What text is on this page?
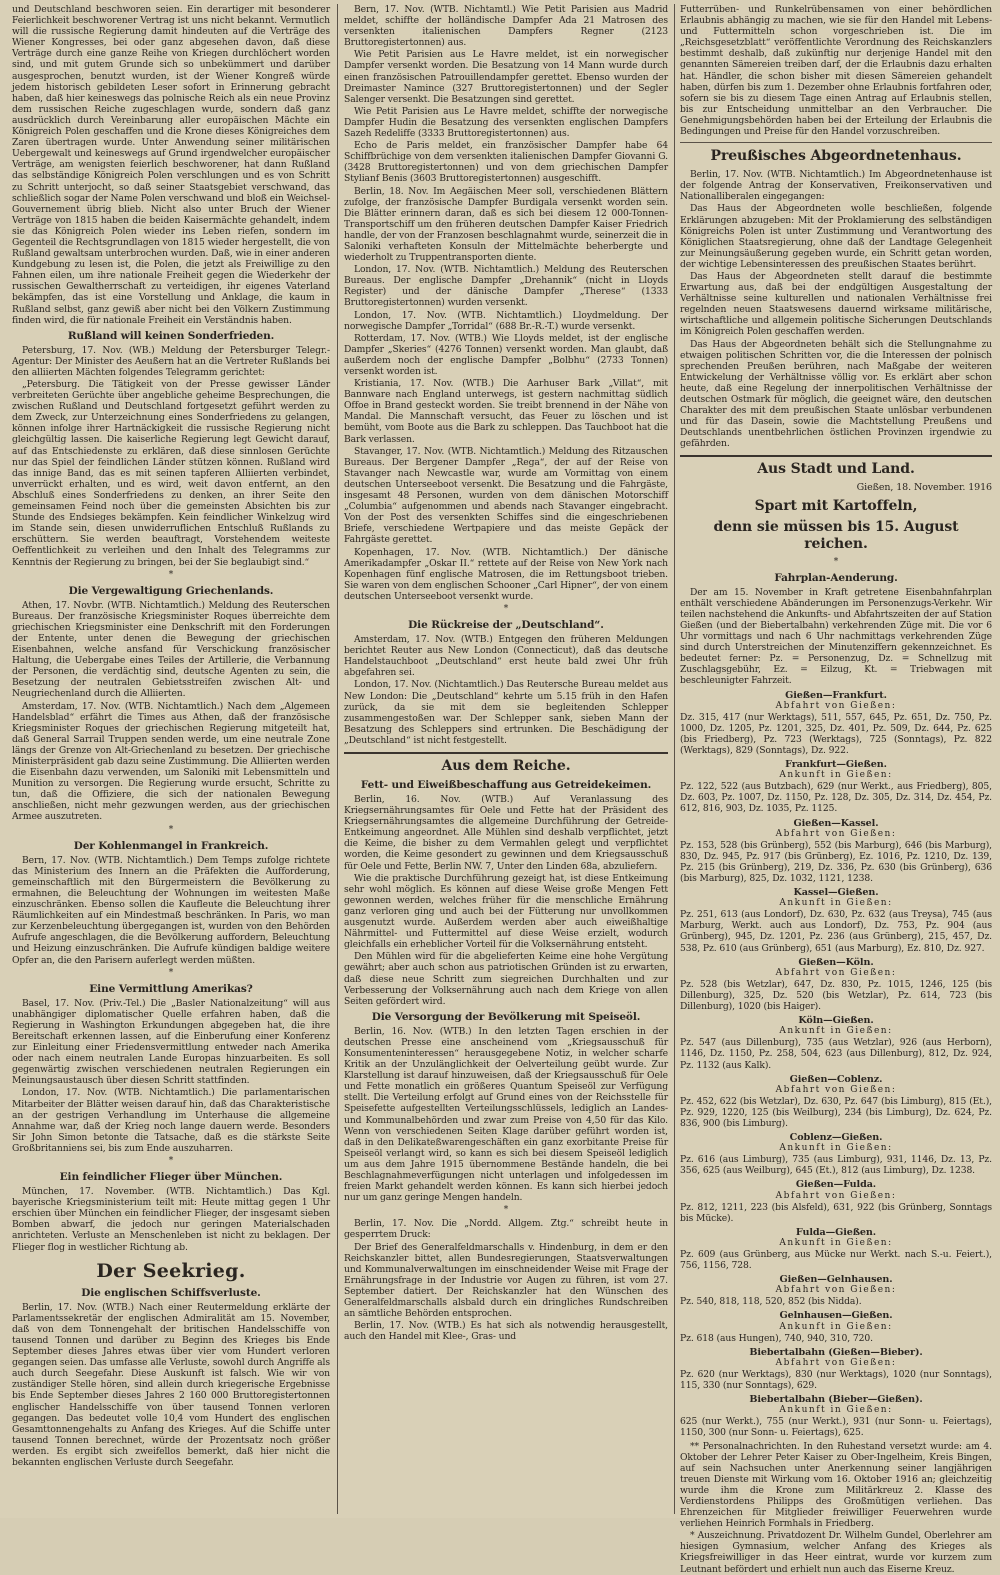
und Deutschland beschworen seien. Ein derartiger mit besonderer Feierlichkeit beschworener Vertrag ist uns nicht bekannt. Vermutlich will die russische Regierung damit hindeuten auf die Verträge des Wiener Kongresses, bei oder ganz abgesehen davon, daß diese Verträge durch eine ganze Reihe von Kriegen durchlöchert worden sind, und mit gutem Grunde sich so unbekümmert und darüber ausgesprochen, benutzt wurden, ist der Wiener Kongreß würde jedem historisch gebildeten Leser sofort in Erinnerung gebracht haben, daß hier keineswegs das polnische Reich als ein neue Provinz dem russischen Reiche zugeschlagen wurde, sondern daß ganz ausdrücklich durch Vereinbarung aller europäischen Mächte ein Königreich Polen geschaffen und die Krone dieses Königreiches dem Zaren übertragen wurde. Unter Anwendung seiner militärischen Uebergewalt und keineswegs auf Grund irgendwelcher europäischer Verträge, am wenigsten feierlich beschworener, hat dann Rußland das selbständige Königreich Polen verschlungen und es von Schritt zu Schritt unterjocht, so daß seiner Staatsgebiet verschwand, das schließlich sogar der Name Polen verschwand und bloß ein Weichsel-Gouvernement übrig blieb. Nicht also unter Bruch der Wiener Verträge von 1815 haben die beiden Kaisermächte gehandelt, indem sie das Königreich Polen wieder ins Leben riefen, sondern im Gegenteil die Rechtsgrundlagen von 1815 wieder hergestellt, die von Rußland gewaltsam unterbrochen wurden. Daß, wie in einer anderen Kundgebung zu lesen ist, die Polen, die jetzt als Freiwillige zu den Fahnen eilen, um ihre nationale Freiheit gegen die Wiederkehr der russischen Gewaltherrschaft zu verteidigen, ihr eigenes Vaterland bekämpfen, das ist eine Vorstellung und Anklage, die kaum in Rußland selbst, ganz gewiß aber nicht bei den Völkern Zustimmung finden wird, die für nationale Freiheit ein Verständnis haben.

Rußland will keinen Sonderfrieden.

Petersburg, 17. Nov. (WB.) Meldung der Petersburger Telegr.-Agentur: Der Minister des Aeußern hat an die Vertreter Rußlands bei den alliierten Mächten folgendes Telegramm gerichtet:

„Petersburg. Die Tätigkeit von der Presse gewisser Länder verbreiteten Gerüchte über angebliche geheime Besprechungen, die zwischen Rußland und Deutschland fortgesetzt geführt werden zu dem Zweck, zur Unterzeichnung eines Sonderfriedens zu gelangen, können infolge ihrer Hartnäckigkeit die russische Regierung nicht gleichgültig lassen. Die kaiserliche Regierung legt Gewicht darauf, auf das Entschiedenste zu erklären, daß diese sinnlosen Gerüchte nur das Spiel der feindlichen Länder stützen können. Rußland wird das innige Band, das es mit seinen tapferen Alliierten verbindet, unverrückt erhalten, und es wird, weit davon entfernt, an den Abschluß eines Sonderfriedens zu denken, an ihrer Seite den gemeinsamen Feind noch über die gemeinsten Absichten bis zur Stunde des Endsieges bekämpfen. Kein feindlicher Winkelzug wird im Stande sein, diesen unwiderruflichen Entschluß Rußlands zu erschüttern. Sie werden beauftragt, Vorstehendem weiteste Oeffentlichkeit zu verleihen und den Inhalt des Telegramms zur Kenntnis der Regierung zu bringen, bei der Sie beglaubigt sind.“

*
Die Vergewaltigung Griechenlands.

Athen, 17. Novbr. (WTB. Nichtamtlich.) Meldung des Reuterschen Bureaus. Der französische Kriegsminister Roques überreichte dem griechischen Kriegsminister eine Denkschrift mit den Forderungen der Entente, unter denen die Bewegung der griechischen Eisenbahnen, welche ansfand für Verschickung französischer Haltung, die Uebergabe eines Teiles der Artillerie, die Verbannung der Personen, die verdächtig sind, deutsche Agenten zu sein, die Besetzung der neutralen Gebietsstreifen zwischen Alt- und Neugriechenland durch die Alliierten.

Amsterdam, 17. Nov. (WTB. Nichtamtlich.) Nach dem „Algemeen Handelsblad“ erfährt die Times aus Athen, daß der französische Kriegsminister Roques der griechischen Regierung mitgeteilt hat, daß General Sarrail Truppen senden werde, um eine neutrale Zone längs der Grenze von Alt-Griechenland zu besetzen. Der griechische Ministerpräsident gab dazu seine Zustimmung. Die Alliierten werden die Eisenbahn dazu verwenden, um Saloniki mit Lebensmitteln und Munition zu versorgen. Die Regierung wurde ersucht, Schritte zu tun, daß die Offiziere, die sich der nationalen Bewegung anschließen, nicht mehr gezwungen werden, aus der griechischen Armee auszutreten.

*
Der Kohlenmangel in Frankreich.

Bern, 17. Nov. (WTB. Nichtamtlich.) Dem Temps zufolge richtete das Ministerium des Innern an die Präfekten die Aufforderung, gemeinschaftlich mit den Bürgermeistern die Bevölkerung zu ermahnen, die Beleuchtung der Wohnungen im weitesten Maße einzuschränken. Ebenso sollen die Kaufleute die Beleuchtung ihrer Räumlichkeiten auf ein Mindestmaß beschränken. In Paris, wo man zur Kerzenbeleuchtung übergegangen ist, wurden von den Behörden Aufrufe angeschlagen, die die Bevölkerung auffordern, Beleuchtung und Heizung einzuschränken. Die Aufrufe kündigen baldige weitere Opfer an, die den Parisern auferlegt werden müßten.

*
Eine Vermittlung Amerikas?

Basel, 17. Nov. (Priv.-Tel.) Die „Basler Nationalzeitung“ will aus unabhängiger diplomatischer Quelle erfahren haben, daß die Regierung in Washington Erkundungen abgegeben hat, die ihre Bereitschaft erkennen lassen, auf die Einberufung einer Konferenz zur Einleitung einer Friedensvermittlung entweder nach Amerika oder nach einem neutralen Lande Europas hinzuarbeiten. Es soll gegenwärtig zwischen verschiedenen neutralen Regierungen ein Meinungsaustausch über diesen Schritt stattfinden.

London, 17. Nov. (WTB. Nichtamtlich.) Die parlamentarischen Mitarbeiter der Blätter weisen darauf hin, daß das Charakteristische an der gestrigen Verhandlung im Unterhause die allgemeine Annahme war, daß der Krieg noch lange dauern werde. Besonders Sir John Simon betonte die Tatsache, daß es die stärkste Seite Großbritanniens sei, bis zum Ende auszuharren.

*
Ein feindlicher Flieger über München.

München, 17. November. (WTB. Nichtamtlich.) Das Kgl. bayerische Kriegsministerium teilt mit: Heute mittag gegen 1 Uhr erschien über München ein feindlicher Flieger, der insgesamt sieben Bomben abwarf, die jedoch nur geringen Materialschaden anrichteten. Verluste an Menschenleben ist nicht zu beklagen. Der Flieger flog in westlicher Richtung ab.

Der Seekrieg.
Die englischen Schiffsverluste.

Berlin, 17. Nov. (WTB.) Nach einer Reutermeldung erklärte der Parlamentssekretär der englischen Admiralität am 15. November, daß von dem Tonnengehalt der britischen Handelsschiffe von tausend Tonnen und darüber zu Beginn des Krieges bis Ende September dieses Jahres etwas über vier vom Hundert verloren gegangen seien. Das umfasse alle Verluste, sowohl durch Angriffe als auch durch Seegefahr. Diese Auskunft ist falsch. Wie wir von zuständiger Stelle hören, sind allein durch kriegerische Ergebnisse bis Ende September dieses Jahres 2 160 000 Bruttoregistertonnen englischer Handelsschiffe von über tausend Tonnen verloren gegangen. Das bedeutet volle 10,4 vom Hundert des englischen Gesamttonnengehalts zu Anfang des Krieges. Auf die Schiffe unter tausend Tonnen berechnet, würde der Prozentsatz noch größer werden. Es ergibt sich zweifellos bemerkt, daß hier nicht die bekannten englischen Verluste durch Seegefahr.

Bern, 17. Nov. (WTB. Nichtamtl.) Wie Petit Parisien aus Madrid meldet, schiffte der holländische Dampfer Ada 21 Matrosen des versenkten italienischen Dampfers Regner (2123 Bruttoregistertonnen) aus.

Wie Petit Parisien aus Le Havre meldet, ist ein norwegischer Dampfer versenkt worden. Die Besatzung von 14 Mann wurde durch einen französischen Patrouillendampfer gerettet. Ebenso wurden der Dreimaster Namince (327 Bruttoregistertonnen) und der Segler Salenger versenkt. Die Besatzungen sind gerettet.

Wie Petit Parisien aus Le Havre meldet, schiffte der norwegische Dampfer Hudin die Besatzung des versenkten englischen Dampfers Sazeh Redeliffe (3333 Bruttoregistertonnen) aus.

Echo de Paris meldet, ein französischer Dampfer habe 64 Schiffbrüchige von dem versenkten italienischen Dampfer Giovanni G. (3428 Bruttoregistertonnen) und von dem griechischen Dampfer Stylianf Benis (3603 Bruttoregistertonnen) ausgeschifft.

Berlin, 18. Nov. Im Aegäischen Meer soll, verschiedenen Blättern zufolge, der französische Dampfer Burdigala versenkt worden sein. Die Blätter erinnern daran, daß es sich bei diesem 12 000-Tonnen-Transportschiff um den früheren deutschen Dampfer Kaiser Friedrich handle, der von der Franzosen beschlagnahmt wurde, seinerzeit die in Saloniki verhafteten Konsuln der Mittelmächte beherbergte und wiederholt zu Truppentransporten diente.

London, 17. Nov. (WTB. Nichtamtlich.) Meldung des Reuterschen Bureaus. Der englische Dampfer „Drehannik“ (nicht in Lloyds Register) und der dänische Dampfer „Therese“ (1333 Bruttoregistertonnen) wurden versenkt.

London, 17. Nov. (WTB. Nichtamtlich.) Lloydmeldung. Der norwegische Dampfer „Torridal“ (688 Br.-R.-T.) wurde versenkt.

Rotterdam, 17. Nov. (WTB.) Wie Lloyds meldet, ist der englische Dampfer „Skeries“ (4276 Tonnen) versenkt worden. Man glaubt, daß außerdem noch der englische Dampfer „Bolbhu“ (2733 Tonnen) versenkt worden ist.

Kristiania, 17. Nov. (WTB.) Die Aarhuser Bark „Villat“, mit Bannware nach England unterwegs, ist gestern nachmittag südlich Offoe in Brand gesteckt worden. Sie treibt brennend in der Nähe von Mandal. Die Mannschaft versucht, das Feuer zu löschen und ist bemüht, vom Boote aus die Bark zu schleppen. Das Tauchboot hat die Bark verlassen.

Stavanger, 17. Nov. (WTB. Nichtamtlich.) Meldung des Ritzauschen Bureaus. Der Bergener Dampfer „Rega“, der auf der Reise von Stavanger nach Newcastle war, wurde am Vormittag von einem deutschen Unterseeboot versenkt. Die Besatzung und die Fahrgäste, insgesamt 48 Personen, wurden von dem dänischen Motorschiff „Columbia“ aufgenommen und abends nach Stavanger eingebracht. Von der Post des versenkten Schiffes sind die eingeschriebenen Briefe, verschiedene Wertpapiere und das meiste Gepäck der Fahrgäste gerettet.

Kopenhagen, 17. Nov. (WTB. Nichtamtlich.) Der dänische Amerikadampfer „Oskar II.“ rettete auf der Reise von New York nach Kopenhagen fünf englische Matrosen, die im Rettungsboot trieben. Sie waren von dem englischen Schooner „Carl Hipner“, der von einem deutschen Unterseeboot versenkt wurde.

*
Die Rückreise der „Deutschland“.

Amsterdam, 17. Nov. (WTB.) Entgegen den früheren Meldungen berichtet Reuter aus New London (Connecticut), daß das deutsche Handelstauchboot „Deutschland“ erst heute bald zwei Uhr früh abgefahren sei.

London, 17. Nov. (Nichtamtlich.) Das Reutersche Bureau meldet aus New London: Die „Deutschland“ kehrte um 5.15 früh in den Hafen zurück, da sie mit dem sie begleitenden Schlepper zusammengestoßen war. Der Schlepper sank, sieben Mann der Besatzung des Schleppers sind ertrunken. Die Beschädigung der „Deutschland“ ist nicht festgestellt.

Aus dem Reiche.
Fett- und Eiweißbeschaffung aus Getreidekeimen.

Berlin, 16. Nov. (WTB.) Auf Veranlassung des Kriegsernährungsamtes für Oele und Fette hat der Präsident des Kriegsernährungsamtes die allgemeine Durchführung der Getreide-Entkeimung angeordnet. Alle Mühlen sind deshalb verpflichtet, jetzt die Keime, die bisher zu dem Vermahlen gelegt und verpflichtet worden, die Keime gesondert zu gewinnen und dem Kriegsausschuß für Oele und Fette, Berlin NW. 7, Unter den Linden 68a, abzuliefern.

Wie die praktische Durchführung gezeigt hat, ist diese Entkeimung sehr wohl möglich. Es können auf diese Weise große Mengen Fett gewonnen werden, welches früher für die menschliche Ernährung ganz verloren ging und auch bei der Fütterung nur unvollkommen ausgenutzt wurde. Außerdem werden aber auch eiweißhaltige Nährmittel- und Futtermittel auf diese Weise erzielt, wodurch gleichfalls ein erheblicher Vorteil für die Volksernährung entsteht.

Den Mühlen wird für die abgelieferten Keime eine hohe Vergütung gewährt; aber auch schon aus patriotischen Gründen ist zu erwarten, daß diese neue Schritt zum siegreichen Durchhalten und zur Verbesserung der Volksernährung auch nach dem Kriege von allen Seiten gefördert wird.

Die Versorgung der Bevölkerung mit Speiseöl.

Berlin, 16. Nov. (WTB.) In den letzten Tagen erschien in der deutschen Presse eine anscheinend vom „Kriegsausschuß für Konsumenteninteressen“ herausgegebene Notiz, in welcher scharfe Kritik an der Unzulänglichkeit der Oelverteilung geübt wurde. Zur Klarstellung ist darauf hinzuweisen, daß der Kriegsausschuß für Oele und Fette monatlich ein größeres Quantum Speiseöl zur Verfügung stellt. Die Verteilung erfolgt auf Grund eines von der Reichsstelle für Speisefette aufgestellten Verteilungsschlüssels, lediglich an Landes- und Kommunalbehörden und zwar zum Preise von 4,50 für das Kilo. Wenn von verschiedenen Seiten Klage darüber geführt worden ist, daß in den Delikateßwarengeschäften ein ganz exorbitante Preise für Speiseöl verlangt wird, so kann es sich bei diesem Speiseöl lediglich um aus dem Jahre 1915 übernommene Bestände handeln, die bei Beschlagnahmeverfügungen nicht unterlagen und infolgedessen im freien Markt gehandelt werden können. Es kann sich hierbei jedoch nur um ganz geringe Mengen handeln.

*

Berlin, 17. Nov. Die „Nordd. Allgem. Ztg.“ schreibt heute in gesperrtem Druck:

Der Brief des Generalfeldmarschalls v. Hindenburg, in dem er den Reichskanzler bittet, allen Bundesregierungen, Staatsverwaltungen und Kommunalverwaltungen im einschneidender Weise mit Frage der Ernährungsfrage in der Industrie vor Augen zu führen, ist vom 27. September datiert. Der Reichskanzler hat den Wünschen des Generalfeldmarschalls alsbald durch ein dringliches Rundschreiben an sämtliche Behörden entsprochen.

Berlin, 17. Nov. (WTB.) Es hat sich als notwendig herausgestellt, auch den Handel mit Klee-, Gras- und

Futterrüben- und Runkelrübensamen von einer behördlichen Erlaubnis abhängig zu machen, wie sie für den Handel mit Lebens- und Futtermitteln schon vorgeschrieben ist. Die im „Reichsgesetzblatt“ veröffentlichte Verordnung des Reichskanzlers bestimmt deshalb, daß zukünftig nur derjenige Handel mit den genannten Sämereien treiben darf, der die Erlaubnis dazu erhalten hat. Händler, die schon bisher mit diesen Sämereien gehandelt haben, dürfen bis zum 1. Dezember ohne Erlaubnis fortfahren oder, sofern sie bis zu diesem Tage einen Antrag auf Erlaubnis stellen, bis zur Entscheidung unmittelbar an den Verbraucher. Die Genehmigungsbehörden haben bei der Erteilung der Erlaubnis die Bedingungen und Preise für den Handel vorzuschreiben.

Preußisches Abgeordnetenhaus.

Berlin, 17. Nov. (WTB. Nichtamtlich.) Im Abgeordnetenhause ist der folgende Antrag der Konservativen, Freikonservativen und Nationalliberalen eingegangen:

Das Haus der Abgeordneten wolle beschließen, folgende Erklärungen abzugeben: Mit der Proklamierung des selbständigen Königreichs Polen ist unter Zustimmung und Verantwortung des Königlichen Staatsregierung, ohne daß der Landtage Gelegenheit zur Meinungsäußerung gegeben wurde, ein Schritt getan worden, der wichtige Lebensinteressen des preußischen Staates berührt.

Das Haus der Abgeordneten stellt darauf die bestimmte Erwartung aus, daß bei der endgültigen Ausgestaltung der Verhältnisse seine kulturellen und nationalen Verhältnisse frei regelnden neuen Staatswesens dauernd wirksame militärische, wirtschaftliche und allgemein politische Sicherungen Deutschlands im Königreich Polen geschaffen werden.

Das Haus der Abgeordneten behält sich die Stellungnahme zu etwaigen politischen Schritten vor, die die Interessen der polnisch sprechenden Preußen berühren, nach Maßgabe der weiteren Entwickelung der Verhältnisse völlig vor. Es erklärt aber schon heute, daß eine Regelung der innerpolitischen Verhältnisse der deutschen Ostmark für möglich, die geeignet wäre, den deutschen Charakter des mit dem preußischen Staate unlösbar verbundenen und für das Dasein, sowie die Machtstellung Preußens und Deutschlands unentbehrlichen östlichen Provinzen irgendwie zu gefährden.

Aus Stadt und Land.
Gießen, 18. November. 1916
Spart mit Kartoffeln,
denn sie müssen bis 15. August reichen.
*
Fahrplan-Aenderung.

Der am 15. November in Kraft getretene Eisenbahnfahrplan enthält verschiedene Abänderungen im Personenzugs-Verkehr. Wir teilen nachstehend die Ankunfts- und Abfahrtszeiten der auf Station Gießen (und der Biebertalbahn) verkehrenden Züge mit. Die vor 6 Uhr vormittags und nach 6 Uhr nachmittags verkehrenden Züge sind durch Unterstreichen der Minutenziffern gekennzeichnet. Es bedeutet ferner: Pz. = Personenzug, Dz. = Schnellzug mit Zuschlagsgebühr, Ez. = Eilzug, Kt. = Triebwagen mit beschleunigter Fahrzeit.

Gießen—Frankfurt.
Abfahrt von Gießen:

Dz. 315, 417 (nur Werktags), 511, 557, 645, Pz. 651, Dz. 750, Pz. 1000, Dz. 1205, Pz. 1201, 325, Dz. 401, Pz. 509, Dz. 644, Pz. 625 (bis Friedberg), Pz. 723 (Werktags), 725 (Sonntags), Pz. 822 (Werktags), 829 (Sonntags), Dz. 922.

Frankfurt—Gießen.
Ankunft in Gießen:

Pz. 122, 522 (aus Butzbach), 629 (nur Werkt., aus Friedberg), 805, Dz. 603, Pz. 1007, Dz. 1150, Pz. 128, Dz. 305, Dz. 314, Dz. 454, Pz. 612, 816, 903, Dz. 1035, Pz. 1125.

Gießen—Kassel.
Abfahrt von Gießen:

Pz. 153, 528 (bis Grünberg), 552 (bis Marburg), 646 (bis Marburg), 830, Dz. 945, Pz. 917 (bis Grünberg), Ez. 1016, Pz. 1210, Dz. 139, Pz. 215 (bis Grünberg), 219, Dz. 336, Pz. 630 (bis Grünberg), 636 (bis Marburg), 825, Dz. 1032, 1121, 1238.

Kassel—Gießen.
Ankunft in Gießen:

Pz. 251, 613 (aus Londorf), Dz. 630, Pz. 632 (aus Treysa), 745 (aus Marburg, Werkt. auch aus Londorf), Dz. 753, Pz. 904 (aus Grünberg), 945, Dz. 1201, Pz. 236 (aus Grünberg), 215, 457, Dz. 538, Pz. 610 (aus Grünberg), 651 (aus Marburg), Ez. 810, Dz. 927.

Gießen—Köln.
Abfahrt von Gießen:

Pz. 528 (bis Wetzlar), 647, Dz. 830, Pz. 1015, 1246, 125 (bis Dillenburg), 325, Dz. 520 (bis Wetzlar), Pz. 614, 723 (bis Dillenburg), 1020 (bis Haiger).

Köln—Gießen.
Ankunft in Gießen:

Pz. 547 (aus Dillenburg), 735 (aus Wetzlar), 926 (aus Herborn), 1146, Dz. 1150, Pz. 258, 504, 623 (aus Dillenburg), 812, Dz. 924, Pz. 1132 (aus Kalk).

Gießen—Coblenz.
Abfahrt von Gießen:

Pz. 452, 622 (bis Wetzlar), Dz. 630, Pz. 647 (bis Limburg), 815 (Et.), Pz. 929, 1220, 125 (bis Weilburg), 234 (bis Limburg), Dz. 624, Pz. 836, 900 (bis Limburg).

Coblenz—Gießen.
Ankunft in Gießen:

Pz. 616 (aus Limburg), 735 (aus Limburg), 931, 1146, Dz. 13, Pz. 356, 625 (aus Weilburg), 645 (Et.), 812 (aus Limburg), Dz. 1238.

Gießen—Fulda.
Abfahrt von Gießen:

Pz. 812, 1211, 223 (bis Alsfeld), 631, 922 (bis Grünberg, Sonntags bis Mücke).

Fulda—Gießen.
Ankunft in Gießen:

Pz. 609 (aus Grünberg, aus Mücke nur Werkt. nach S.-u. Feiert.), 756, 1156, 728.

Gießen—Gelnhausen.
Abfahrt von Gießen:

Pz. 540, 818, 118, 520, 852 (bis Nidda).

Gelnhausen—Gießen.
Ankunft in Gießen:

Pz. 618 (aus Hungen), 740, 940, 310, 720.

Biebertalbahn (Gießen—Bieber).
Abfahrt von Gießen:

Pz. 620 (nur Werktags), 830 (nur Werktags), 1020 (nur Sonntags), 115, 330 (nur Sonntags), 629.

Biebertalbahn (Bieber—Gießen).
Ankunft in Gießen:

625 (nur Werkt.), 755 (nur Werkt.), 931 (nur Sonn- u. Feiertags), 1150, 300 (nur Sonn- u. Feiertags), 625.

** Personalnachrichten. In den Ruhestand versetzt wurde: am 4. Oktober der Lehrer Peter Kaiser zu Ober-Ingelheim, Kreis Bingen, auf sein Nachsuchen unter Anerkennung seiner langjährigen treuen Dienste mit Wirkung vom 16. Oktober 1916 an; gleichzeitig wurde ihm die Krone zum Militärkreuz 2. Klasse des Verdienstordens Philipps des Großmütigen verliehen. Das Ehrenzeichen für Mitglieder freiwilliger Feuerwehren wurde verliehen Heinrich Formhals in Friedberg.

* Auszeichnung. Privatdozent Dr. Wilhelm Gundel, Oberlehrer am hiesigen Gymnasium, welcher Anfang des Krieges als Kriegsfreiwilliger in das Heer eintrat, wurde vor kurzem zum Leutnant befördert und erhielt nun auch das Eiserne Kreuz.
